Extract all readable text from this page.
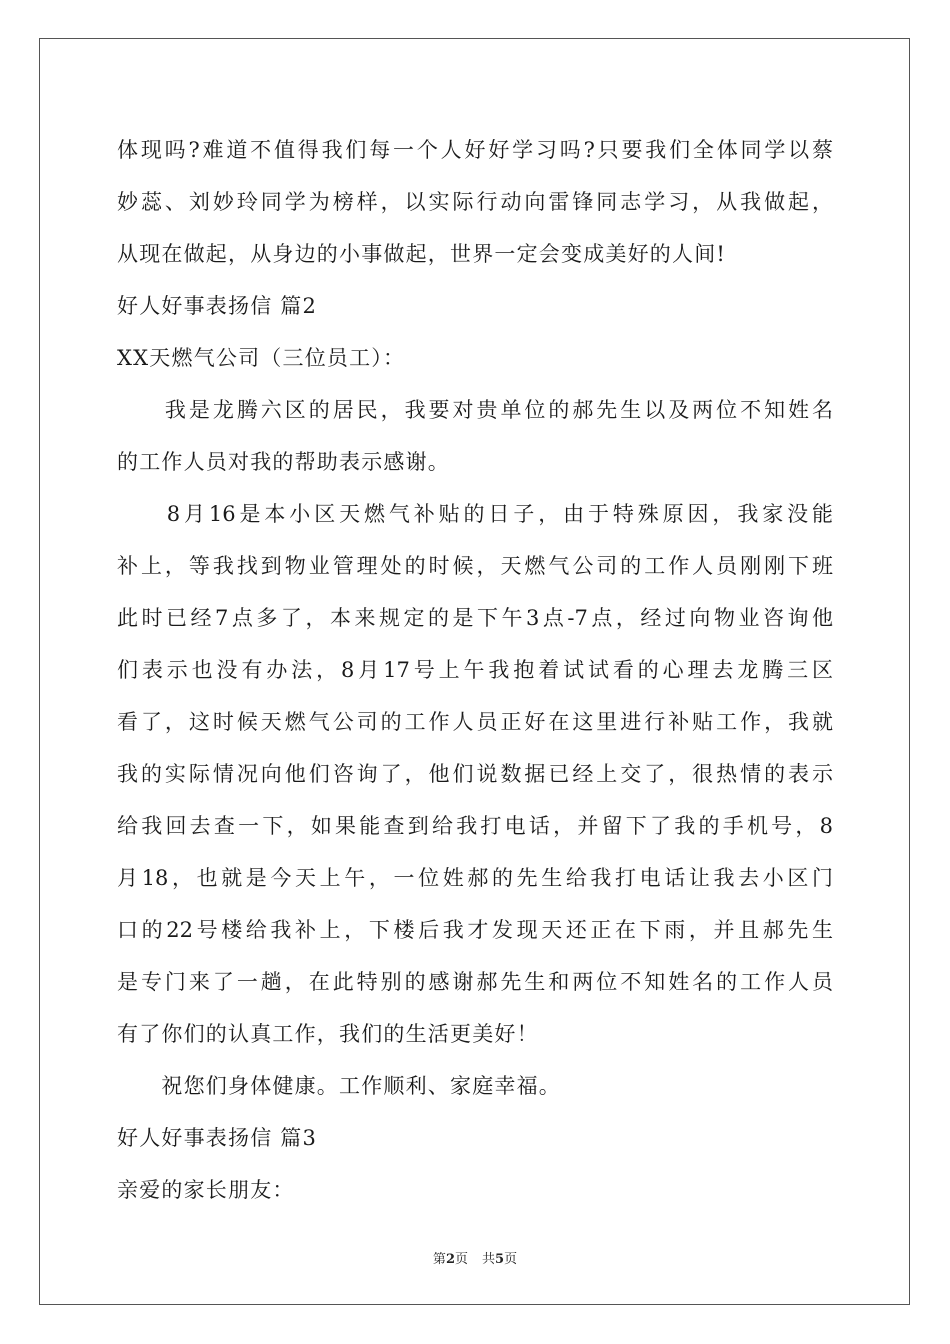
体现吗?难道不值得我们每一个人好好学习吗?只要我们全体同学以蔡
妙蕊、刘妙玲同学为榜样，以实际行动向雷锋同志学习，从我做起，
从现在做起，从身边的小事做起，世界一定会变成美好的人间!
好人好事表扬信 篇2
XX天燃气公司（三位员工）：
　　我是龙腾六区的居民，我要对贵单位的郝先生以及两位不知姓名
的工作人员对我的帮助表示感谢。
　　8月16是本小区天燃气补贴的日子，由于特殊原因，我家没能
补上，等我找到物业管理处的时候，天燃气公司的工作人员刚刚下班
此时已经7点多了，本来规定的是下午3点-7点，经过向物业咨询他
们表示也没有办法，8月17号上午我抱着试试看的心理去龙腾三区
看了，这时候天燃气公司的工作人员正好在这里进行补贴工作，我就
我的实际情况向他们咨询了，他们说数据已经上交了，很热情的表示
给我回去查一下，如果能查到给我打电话，并留下了我的手机号，8
月18，也就是今天上午，一位姓郝的先生给我打电话让我去小区门
口的22号楼给我补上，下楼后我才发现天还正在下雨，并且郝先生
是专门来了一趟，在此特别的感谢郝先生和两位不知姓名的工作人员
有了你们的认真工作，我们的生活更美好！
　　祝您们身体健康。工作顺利、家庭幸福。
好人好事表扬信 篇3
亲爱的家长朋友：
第2页 共5页
